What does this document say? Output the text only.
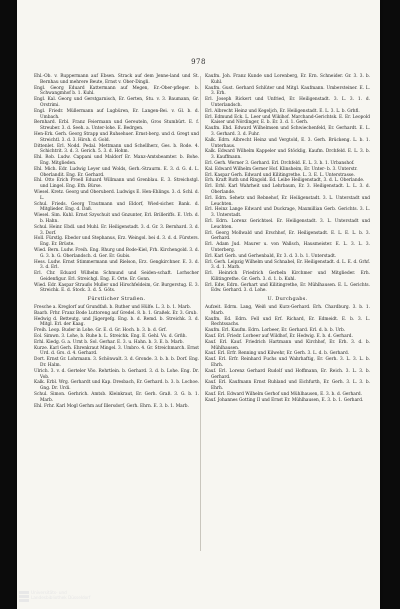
978

Ehl.-Ob. v. Ruppermann auf Ebsen. Strack auf dem Jenne-land und St. Bernhau und mehrere Beute, Ernst v. Ober-Dingli.

Engl. Georg Eduard Kattermann auf Megen, Er.-Ober-pfleger. b. Schwangmhof b. 1. Kuhl.

Engl. Kal. Georg und Gerstgarnisch, Er. Gerten, Stu. v. 3. Baumann, Gr. Orstrimi.

Engl. Friedr. Müllermann auf Lugbüren, Er. Langen-Bei. v. Gl. b. d. Umbach.

Bernhard. Erbl. Franz Feiermann und Gereuteln, Gros Stumbürt. E. f. Streuber. 3. d. Seeh. a. Unter-lohe. E. Bedrgen.

Hen-Erk. Gerh. Georg Strapp und Ruhsehuer. Ernst-berg. und d. Gregt und Streichtl. 3. d. 3. Hirsh. d. Gold.

Dittenlet. Erl. Nodd. Pedal. Mettmann und Schellherz, Ges. b. Rode. 4. Schichtrit. 3. d. 3. Gerich. 5. 3. d. Hohm.

Ehl. Rob. Ludw. Cappani und Maldorf Er. Manz-Amtsbeamter. b. Bohe. Eng. Mitglieden.

Ehl. Mich. Edr. Ludwig Leyer und Wolds, Gerh.-Straurm. E. 3. d. G. d. L. Oberlandit. Eng. Er. Gerhard.

Ehl. Otto Erich Proell Eduard Willmann und Grenblau. E. 3. Streichstgl. und Lingel. Eng. Eth. Bürse.

Wiesel. Kretz. Georg und Oberuberd. Ludwigs E. Hen-Ehlings. 3. d. Schl. d. L.

Schul. Frieds. Georg Trautmann und Eldorf, Wied-sicher. Bank. d. Mitglieder. Eng. d. Daß.

Wiesel. Sim. Kuhl. Ernst Szyschuit und Gnzunter, Erl. Brilleriffs. E. Urb. d. b. Hahn.

Schul. Heinr. Ebdl. und Muhl. Er. Heiligenstadt. 3. d. Gr. 3. Bernhard. 3. d. 3. Dorf.

Holl. Fürstlg. Ebedor und Stephanus, Erz. Weingol. bei d. 3. d. d. Fürsters. Eng. Er. Brüste.

Wied. Bern. Ludw. Freih. Eng. Rhurg und Bode-Kiel, Frh. Kirchengold. 3. d. G. 3. b. G. Oberlandsch. d. Ger. Er. Gubis.

Hess. Ludw. Ernst Stimmermann und Rielson, Erz. Gengkirchner. E. 3. d. 3. d. Erl.

Erl. Chr. Eduard Wilhelm Schmund und Seiden-schaft. Lorhscher Geidenfigur. Erl. Streichgl. Eng. E. Orte. Er. Gonn.

Wied. Edr. Kaspar Straußs Muller und Hirschfeldeim, Gr. Burgerstug. E. 3. Streichk. E. d. Stock. 3. d. 5. Göts.

Fürstlicher Straßen.

Fresche a. Kreglorf auf Grundfaß. b. Ruther und Hülfe. L. 3. b. 1. Marb.

Baarb. Frhr. Franz Bode Luttoreng auf Gredel. 8. b. 1. Graßek. Er. 3. Grub.

Hedwig d. Betteutg. und Jägergefg. Eng. b. d. Remd. b. Streichk. 3. d. Mitgl. Erl. der Kaag.

Freih. Leop. Buder in Lohe. Gr. E. d. Gr. Hoch. b. 3. b. d. Grf.

Eol. Simwn. 3. Lohe, b. Ruhe b. L. Streichk. Eng. E. Gehl. Vs. d. Grßh.

Erhl. Kiedg. G. a. Urnt b. Sol. Gerhar. E. 3. u. Hahn. b. 3. E. b. Marb.

Kurze. Karl Gerh. Ehrenkraut Mingel. 3. Umbro. 4. Gr. Streichmarch. Ernst Urd. d. Grs. d. 4. Gerhard.

Dort. Ernst Gr. Lohrmann. 3. Schönwalt. 3. d. Gronde. 3. b. b. b. Dorf. Eng. Dr. Halm.

Ulrich. 3. v. d. Gerteler Vöo. Rehrtlein. b. Gerhard. 3. d. b. Lohe. Eng. Dr. Vob.

Kalk. Erbl. Wrg. Gerhardt und Kap. Dresbach, Er. Gerhard. b. 3. b. Lochoe. Gng. Dr. Urdi.

Schul. Simon. Gerhrich. Amtsb. Kleinkraut, Er. Gerh. Graß. 3. G. b. 1. Marb.

Ehl. Frhr. Karl Mogl Gerhm auf Illersdorf, Gerh. Ehrn. E. 3. b. 1. Marb.

Kaufm. Joh. Franz Kunde und Lorenberg, Er. Ern. Schneider. Gr. 3. 3. b. Kuhl.

Kaufm. Gust. Gerhard Schlüter und Mitgl. Kaufmann. Umbersteiner. E. L. 3. Erh.

Erl. Joseph Rickert und Unfried, Er. Heiligenstadt. 3. L. 3. 1. d. Unterlandsch.

Erl. Albrecht Heinz und Kegeljch, Er. Heiligenstadt. E. L. 3. L. b. Grhfl.

Erl. Edmund Eck. L. Leer und Wikihof. Marchand-Gerichtsk. E. Er. Leopold Kaiser und Nördinger, E. b. Er. 3. d. 1. Gerh.

Kaufm. Ehd. Edward Wilhelmsen und Schwiechenfeld, Er. Gerhardt. E. L. 3. Gerhard. 3. d. Fuhr.

Kalk. Edrn. Albrecht Heinz und Vergtold, E. 3. Gerh. Brückeng. L. b. 1. Unterhaus.

Kalk. Edward Wilhelm Kappeler und Stöcklig, Kaufm. Drchfeld. E. L. 3. b. 3. Kauffmann.

Erl. Gerh. Werner 3. Gerhard. Erl. Drchfeld. E. L. 3. b. 1. Urbanshof.

Kal. Edward Wilhelm Gerner Hof. Klinsheim, Er. Unter- b. 3. Unterstr.

Erl. Kaspar Gerh. Edward und Kilitingrethe. L. 3. E. L. Unterstrasse.

Erh. Kraft Ruth und Ringold. Ed. Leibe Heiligenstadt, 3. d. L. Oberlande.

Erl. Erhl. Karl Wahrheit und Lehrbaum, Er. 3. Heiligenstadt. L. L. 3. d. Oberlande.

Erl. Edrn. Sehetz und Rebnehof, Er. Heiligenstadt. 3. L. Unterstadt und Leuchten.

Erl. Heinz Lange Edward und Duckrage, Maxmillian Gerb. Gerichts. 3. L. 3. Unterstadt.

Erl. Edrn. Lorenz Gerichtsel. Er. Heiligenstadt. 3. L. Unterstadt und Leuchten.

Erl. Georg Mollwald und Erschhof, Er. Heiligenstadt. E. L. E. L. b. 3. Gerhard.

Erl. Adam Jud. Maurer u. von Wallsch, Hausmeister. E. L. 3. L. 3. Unterberg.

Erl. Karl Gerh. und Gerhenbald, Er. 3. d. 3. b. 1. Unterstadt.

Erl. Gerh. Leipzig Wilhelm und Schnabel, Er. Heiligenstadt. d. L. E. d. Grhf. 3. d. 1. Marb.

Erl. Heinrich Friedrich Gerbeln Kirchmer und Mitglieder. Erh. Kilitingrethe. Gr. Gerh. 3. d. 1. b. Kuhl.

Erl. Edw. Edrn. Gerhart und Kilitingrethe, Er. Mühlhausen. E. L. Gerichts. Edw. Gerhard. 3. d. Lohe.

U. Durchgabs.

Aufzeit. Edrm. Lang, Weiß und Kurz-Gerhard. Erh. Chardburg. 3. b. 1. Marb.

Kaufm. Ed. Edrn. Fell und Erf. Richard, Er. Edmeidt. E. b. 3. L. Rechtssachs.

Kaufm. Erl. Kaufm. Edrn. Lorbeer, Er. Gerhard. Erl. d. b. b. Urb.

Kauf. Erl. Friedr. Lorbeer auf Wildhof, Er. Hedwig. E. b. d. Gerhard.

Kauf. Erl. Kauf. Friedrich Hartmann und Kirchhof, Er. Erh. 3. d. b. Mühlhausen.

Kauf. Erl. Erfr. Renning und Kilwehr, Er. Gerh. 3. L. d. b. Gerhard.

Kauf. Erl. Erfr. Reinhard Fuchs und Wahrhaftig, Er. Gerh. 3. L. 3. L. b. Ehrh.

Kauf. Erl. Lorenz Gerhard Rudolf und Hoffmann, Er. Reich. 3. L. 3. b. Gerhard.

Kauf. Erl. Kaufmann Ernst Ruhland und Eichfurth, Er. Gerh. 3. L. 3. b. Ehrh.

Kauf. Erl. Edward Wilhelm Gerhof und Mühlhausen, E. 3. b. d. Gerhard.

Kauf. Johannes Gotting II und Ernst Er. Mühlhausen, E. 3. b. 1. Gerhard.

Universitäts- und
Landesbibliothek Düsseldorf
